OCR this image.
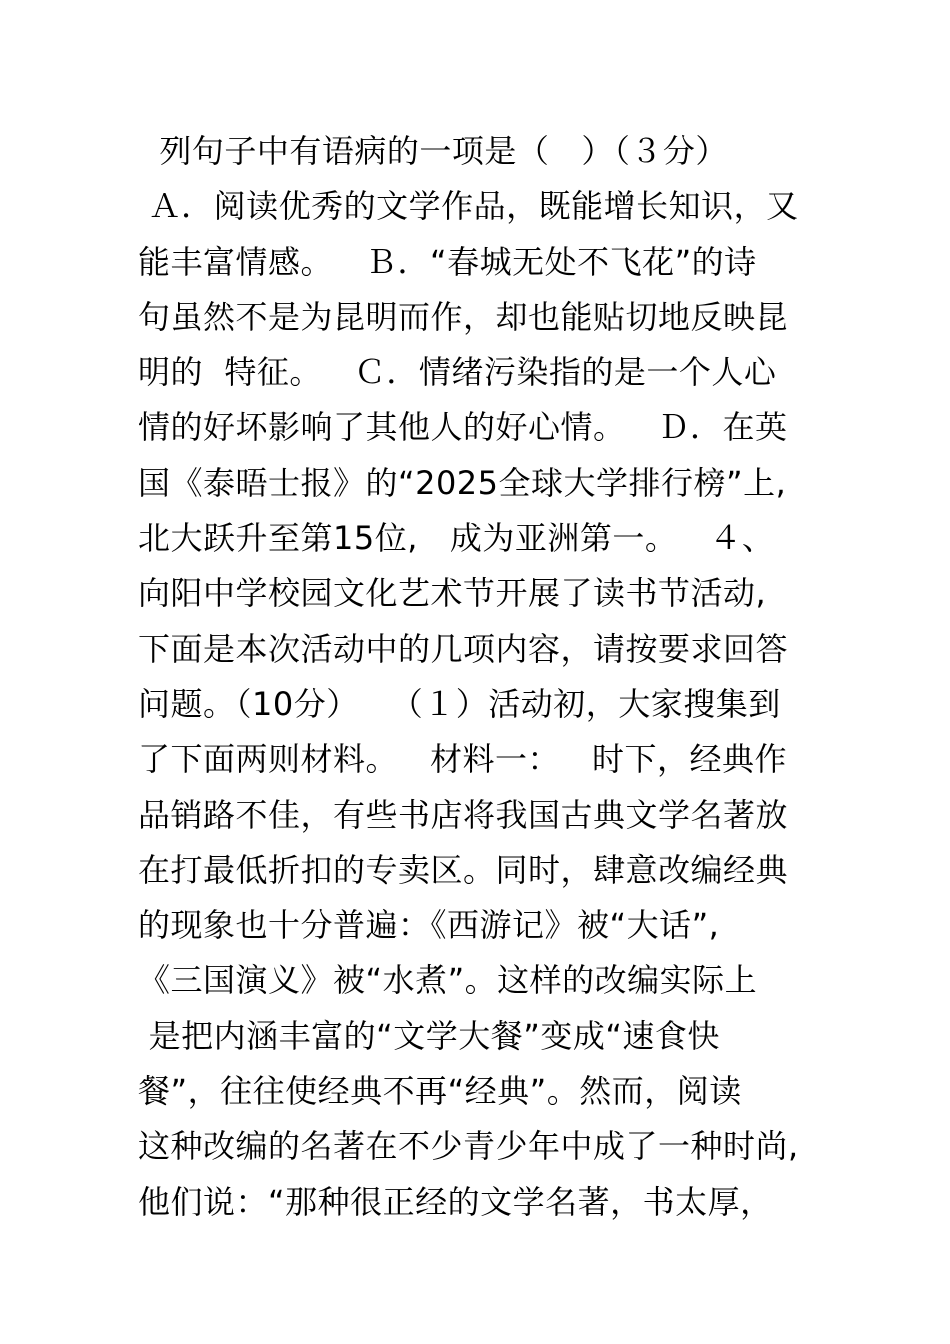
列句子中有语病的一项是（   ）（３分）
Ａ．阅读优秀的文学作品，既能增长知识，又
能丰富情感。   Ｂ．“春城无处不飞花”的诗
句虽然不是为昆明而作，却也能贴切地反映昆
明的  特征。   Ｃ．情绪污染指的是一个人心
情的好坏影响了其他人的好心情。   Ｄ．在英
国《泰晤士报》的“2025全球大学排行榜”上,
北大跃升至第15位,   成为亚洲第一。   ４、
向阳中学校园文化艺术节开展了读书节活动,
下面是本次活动中的几项内容，请按要求回答
问题。（10分）   （１）活动初，大家搜集到
了下面两则材料。   材料一：   时下，经典作
品销路不佳，有些书店将我国古典文学名著放
在打最低折扣的专卖区。同时，肆意改编经典
的现象也十分普遍：《西游记》被“大话”,
《三国演义》被“水煮”。这样的改编实际上
是把内涵丰富的“文学大餐”变成“速食快
餐”，往往使经典不再“经典”。然而，阅读
这种改编的名著在不少青少年中成了一种时尚,
他们说：“那种很正经的文学名著，书太厚，
